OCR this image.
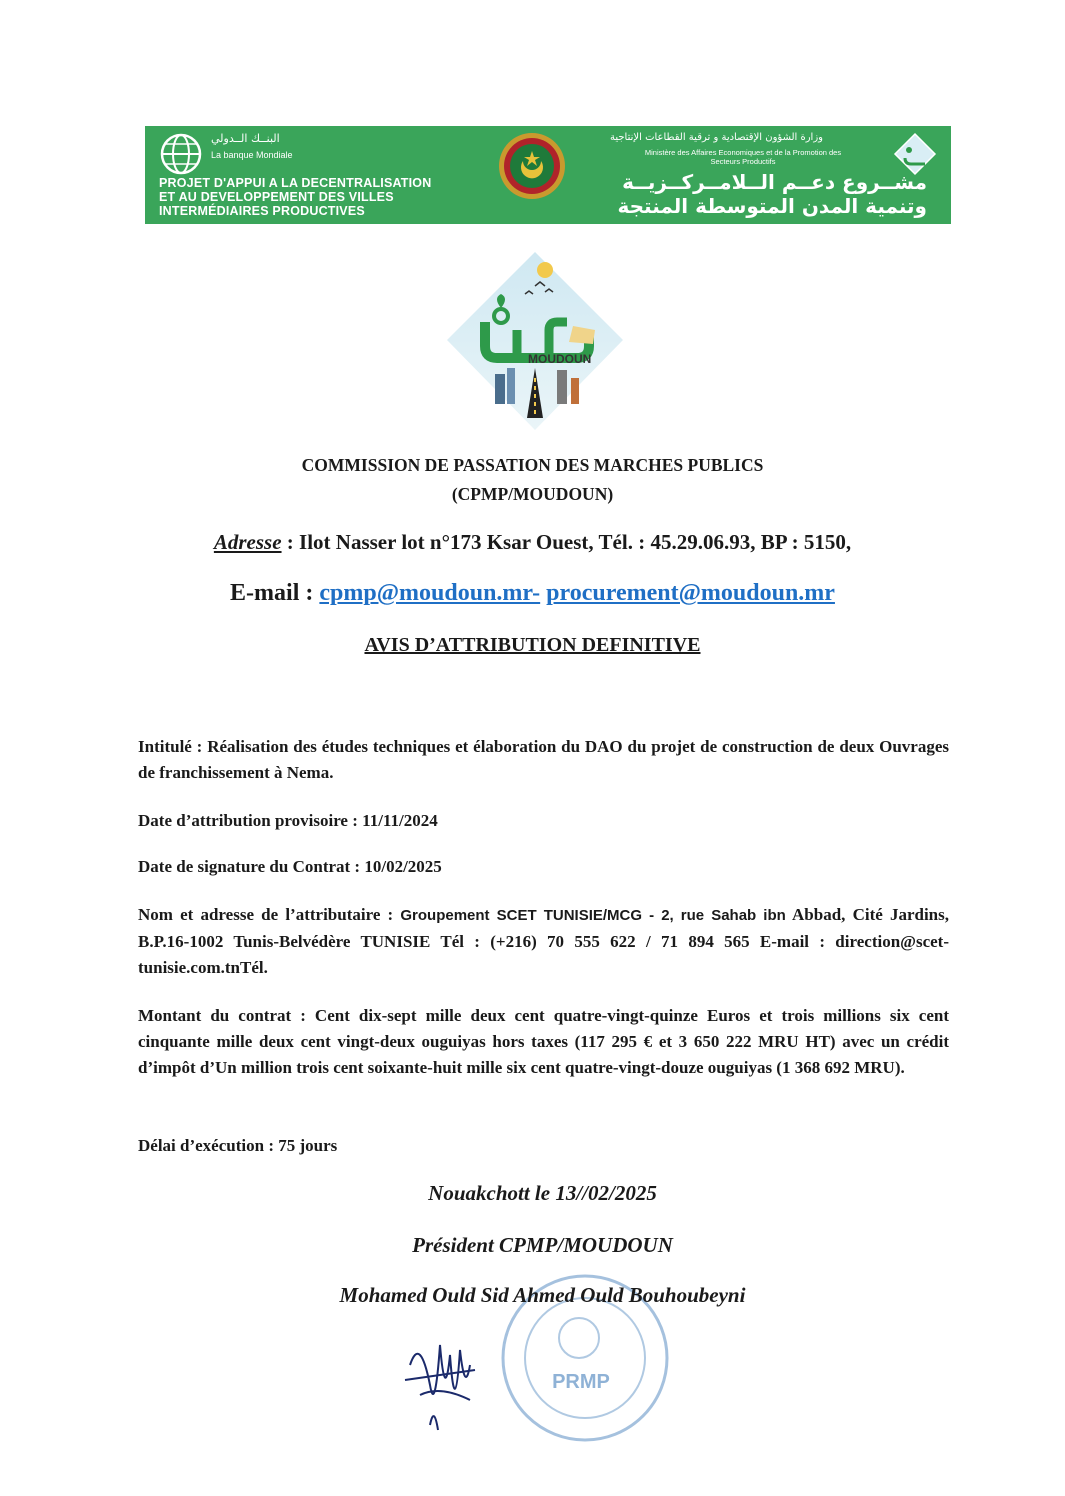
البنــك الــدولي
La banque Mondiale
PROJET D'APPUI A LA DECENTRALISATION
ET AU DEVELOPPEMENT DES VILLES
INTERMÉDIAIRES PRODUCTIVES
وزارة الشؤون الإقتصادية و ترقية القطاعات الإنتاجية
Ministère des Affaires Economiques et de la Promotion des Secteurs Productifs
مشــروع دعــم الــلامــركــزيــة
وتنمية المدن المتوسطة المنتجة
MOUDOUN
COMMISSION DE PASSATION DES MARCHES PUBLICS
(CPMP/MOUDOUN)
Adresse : Ilot Nasser lot n°173 Ksar Ouest, Tél. : 45.29.06.93, BP : 5150,
E-mail : cpmp@moudoun.mr- procurement@moudoun.mr
AVIS D’ATTRIBUTION DEFINITIVE
Intitulé : Réalisation des études techniques et élaboration du DAO du projet de construction de deux Ouvrages de franchissement à Nema.
Date d’attribution provisoire : 11/11/2024
Date de signature du Contrat : 10/02/2025
Nom et adresse de l’attributaire : Groupement SCET TUNISIE/MCG - 2, rue Sahab ibn Abbad, Cité Jardins, B.P.16-1002 Tunis-Belvédère TUNISIE Tél : (+216) 70 555 622 / 71 894 565 E-mail : direction@scet-tunisie.com.tnTél.
Montant du contrat : Cent dix-sept mille deux cent quatre-vingt-quinze Euros et trois millions six cent cinquante mille deux cent vingt-deux ouguiyas hors taxes (117 295 € et 3 650 222 MRU HT) avec un crédit d’impôt d’Un million trois cent soixante-huit mille six cent quatre-vingt-douze ouguiyas (1 368 692 MRU).
Délai d’exécution : 75 jours
PRMP
Nouakchott le 13//02/2025
Président CPMP/MOUDOUN
Mohamed Ould Sid Ahmed Ould Bouhoubeyni
